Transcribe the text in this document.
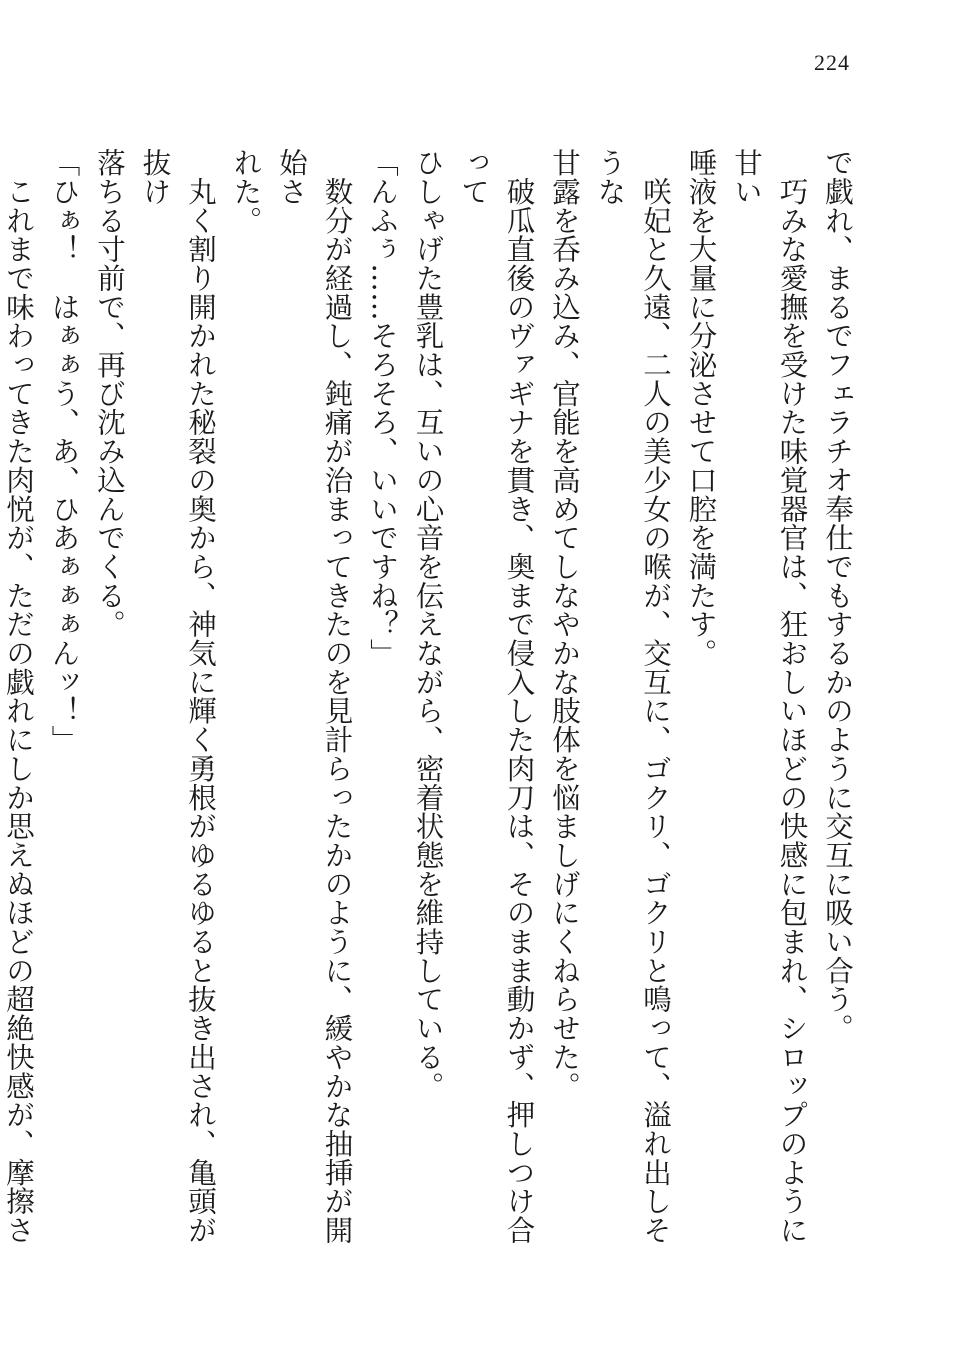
224

で戯れ、まるでフェラチオ奉仕でもするかのように交互に吸い合う。

　巧みな愛撫を受けた味覚器官は、狂おしいほどの快感に包まれ、シロップのように甘い

唾液を大量に分泌させて口腔を満たす。

　咲妃と久遠、二人の美少女の喉が、交互に、ゴクリ、ゴクリと鳴って、溢れ出しそうな

甘露を呑み込み、官能を高めてしなやかな肢体を悩ましげにくねらせた。

　破瓜直後のヴァギナを貫き、奥まで侵入した肉刀は、そのまま動かず、押しつけ合って

ひしゃげた豊乳は、互いの心音を伝えながら、密着状態を維持している。

「んふぅ……そろそろ、いいですね？」

　数分が経過し、鈍痛が治まってきたのを見計らったかのように、緩やかな抽挿が開始さ

れた。

　丸く割り開かれた秘裂の奥から、神気に輝く勇根がゆるゆると抜き出され、亀頭が抜け

落ちる寸前で、再び沈み込んでくる。

「ひぁ！　はぁぁう、あ、ひあぁぁぁんッ！」

　これまで味わってきた肉悦が、ただの戯れにしか思えぬほどの超絶快感が、摩擦さ
